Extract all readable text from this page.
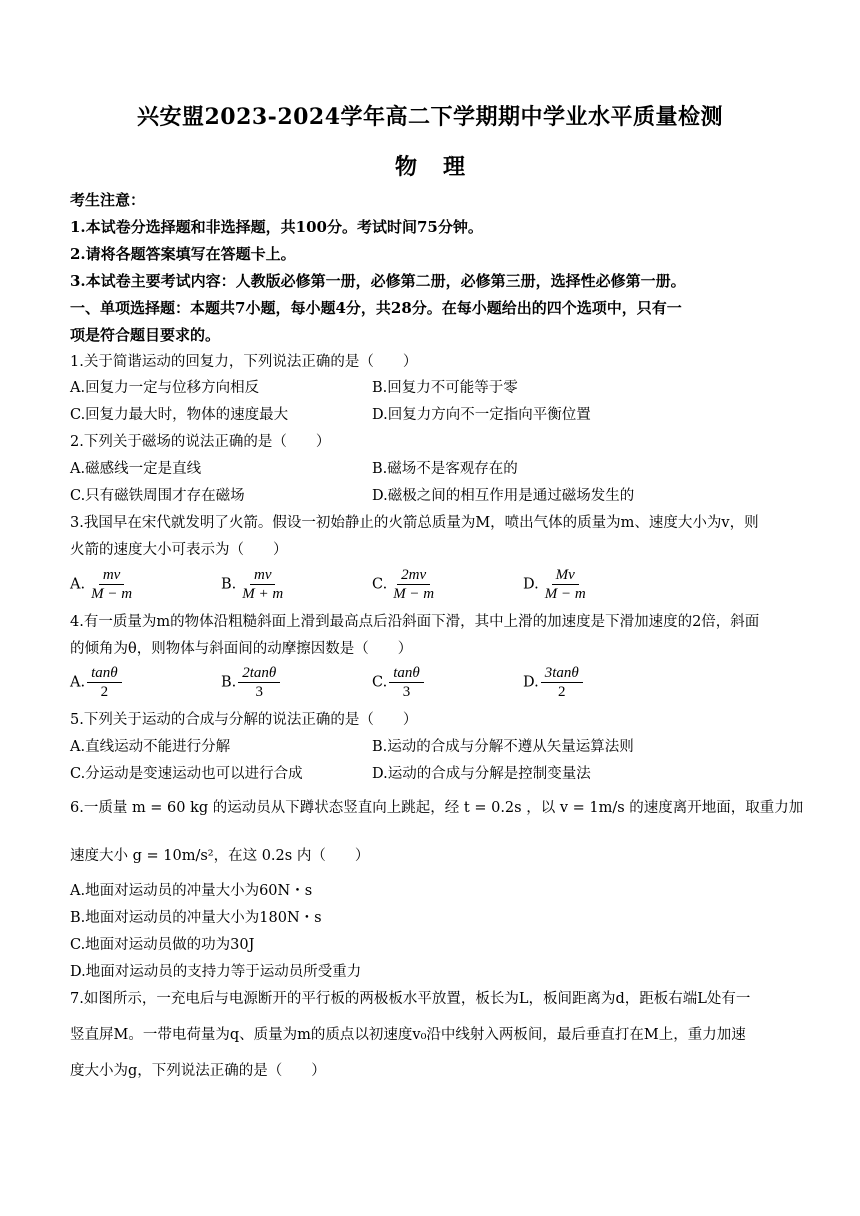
兴安盟2023-2024学年高二下学期期中学业水平质量检测
物理
考生注意：
1.本试卷分选择题和非选择题，共100分。考试时间75分钟。
2.请将各题答案填写在答题卡上。
3.本试卷主要考试内容：人教版必修第一册，必修第二册，必修第三册，选择性必修第一册。
一、单项选择题：本题共7小题，每小题4分，共28分。在每小题给出的四个选项中，只有一
项是符合题目要求的。
1.关于简谐运动的回复力，下列说法正确的是（　　）
A.回复力一定与位移方向相反	B.回复力不可能等于零
C.回复力最大时，物体的速度最大	D.回复力方向不一定指向平衡位置
2.下列关于磁场的说法正确的是（　　）
A.磁感线一定是直线	B.磁场不是客观存在的
C.只有磁铁周围才存在磁场	D.磁极之间的相互作用是通过磁场发生的
3.我国早在宋代就发明了火箭。假设一初始静止的火箭总质量为M，喷出气体的质量为m、速度大小为v，则
火箭的速度大小可表示为（　　）
A. $\frac{mv}{M - m}$	B. $\frac{mv}{M + m}$	C. $\frac{2mv}{M - m}$	D. $\frac{Mv}{M - m}$
4.有一质量为m的物体沿粗糙斜面上滑到最高点后沿斜面下滑，其中上滑的加速度是下滑加速度的2倍，斜面
的倾角为θ，则物体与斜面间的动摩擦因数是（　　）
A. $\frac{\tan\theta}{2}$	B. $\frac{2\tan\theta}{3}$	C. $\frac{\tan\theta}{3}$	D. $\frac{3\tan\theta}{2}$
5.下列关于运动的合成与分解的说法正确的是（　　）
A.直线运动不能进行分解	B.运动的合成与分解不遵从矢量运算法则
C.分运动是变速运动也可以进行合成	D.运动的合成与分解是控制变量法
6.一质量 m = 60 kg 的运动员从下蹲状态竖直向上跳起，经 t = 0.2s ，以 v = 1m/s 的速度离开地面，取重力加
速度大小 g = 10m/s²，在这 0.2s 内（　　）
A.地面对运动员的冲量大小为60N・s
B.地面对运动员的冲量大小为180N・s
C.地面对运动员做的功为30J
D.地面对运动员的支持力等于运动员所受重力
7.如图所示，一充电后与电源断开的平行板的两极板水平放置，板长为L，板间距离为d，距板右端L处有一
竖直屏M。一带电荷量为q、质量为m的质点以初速度v₀沿中线射入两板间，最后垂直打在M上，重力加速
度大小为g，下列说法正确的是（　　）
